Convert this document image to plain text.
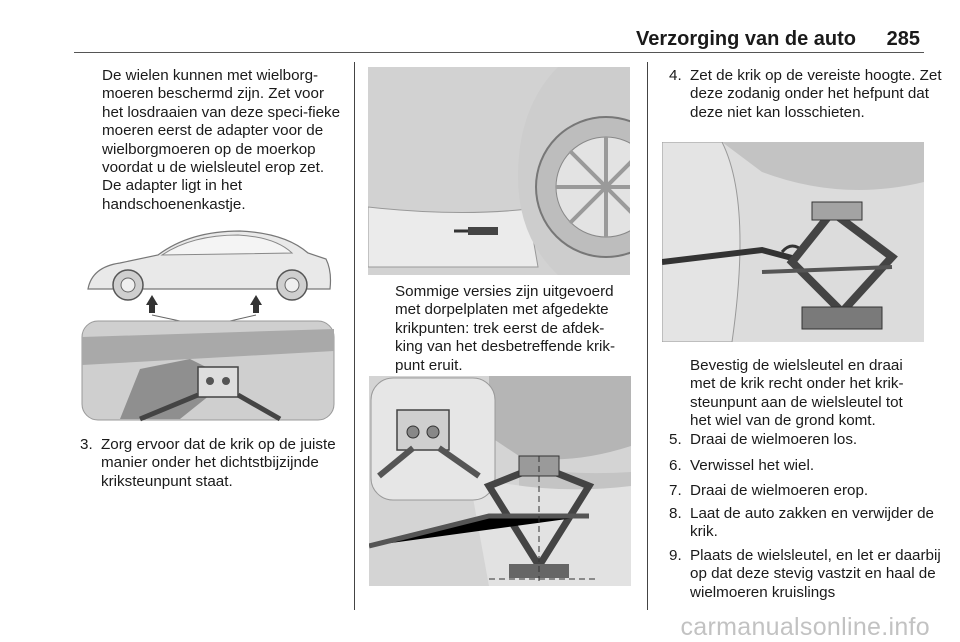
Verzorging van de auto 285

De wielen kunnen met wielborg-moeren beschermd zijn. Zet voor het losdraaien van deze speci-fieke moeren eerst de adapter voor de wielborgmoeren op de moerkop voordat u de wielsleutel erop zet. De adapter ligt in het handschoenenkastje.

3. Zorg ervoor dat de krik op de juiste manier onder het dichtstbijzijnde kriksteunpunt staat.

Sommige versies zijn uitgevoerd met dorpelplaten met afgedekte krikpunten: trek eerst de afdek-king van het desbetreffende krik-punt eruit.

4. Zet de krik op de vereiste hoogte. Zet deze zodanig onder het hefpunt dat deze niet kan losschieten.

Bevestig de wielsleutel en draai met de krik recht onder het krik-steunpunt aan de wielsleutel tot het wiel van de grond komt.

5. Draai de wielmoeren los.

6. Verwissel het wiel.

7. Draai de wielmoeren erop.

8. Laat de auto zakken en verwijder de krik.

9. Plaats de wielsleutel, en let er daarbij op dat deze stevig vastzit en haal de wielmoeren kruislings

carmanualsonline.info
